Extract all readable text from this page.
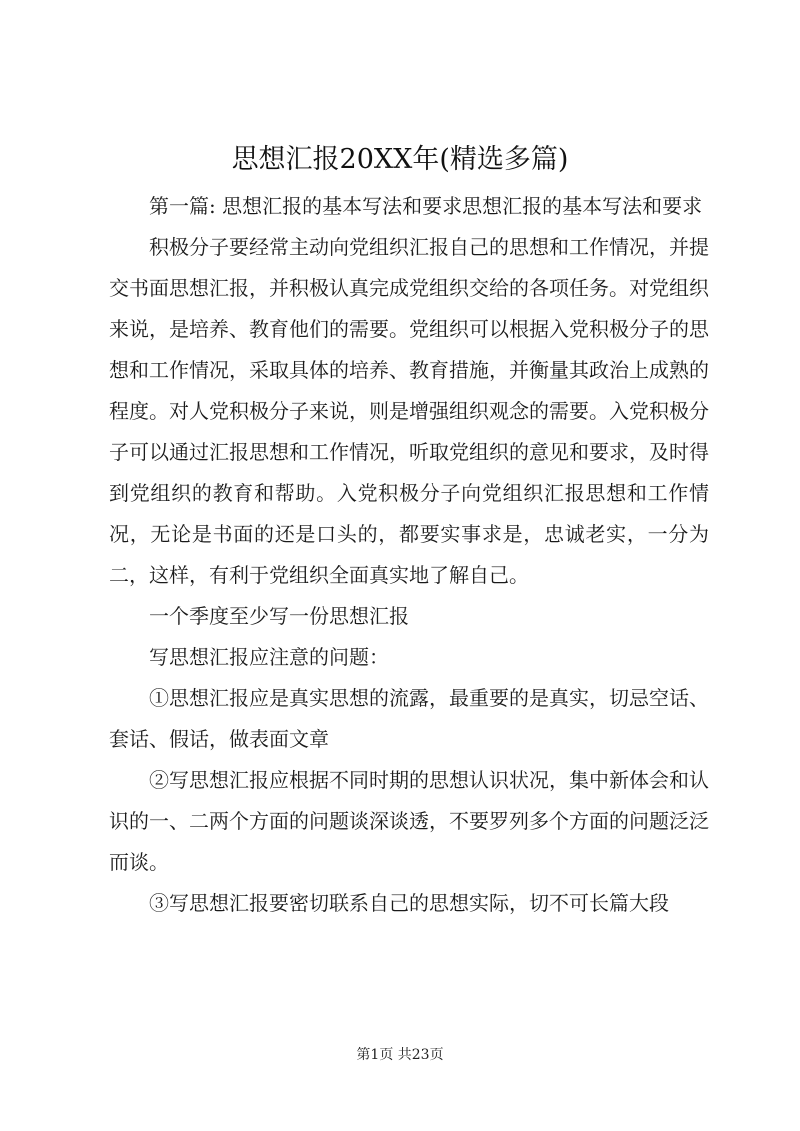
思想汇报20XX年(精选多篇)

第一篇: 思想汇报的基本写法和要求思想汇报的基本写法和要求

积极分子要经常主动向党组织汇报自己的思想和工作情况，并提交书面思想汇报，并积极认真完成党组织交给的各项任务。对党组织来说，是培养、教育他们的需要。党组织可以根据入党积极分子的思想和工作情况，采取具体的培养、教育措施，并衡量其政治上成熟的程度。对人党积极分子来说，则是增强组织观念的需要。入党积极分子可以通过汇报思想和工作情况，听取党组织的意见和要求，及时得到党组织的教育和帮助。入党积极分子向党组织汇报思想和工作情况，无论是书面的还是口头的，都要实事求是，忠诚老实，一分为二，这样，有利于党组织全面真实地了解自己。

一个季度至少写一份思想汇报

写思想汇报应注意的问题：

①思想汇报应是真实思想的流露，最重要的是真实，切忌空话、套话、假话，做表面文章

②写思想汇报应根据不同时期的思想认识状况，集中新体会和认识的一、二两个方面的问题谈深谈透，不要罗列多个方面的问题泛泛而谈。

③写思想汇报要密切联系自己的思想实际，切不可长篇大段

第1页 共23页
